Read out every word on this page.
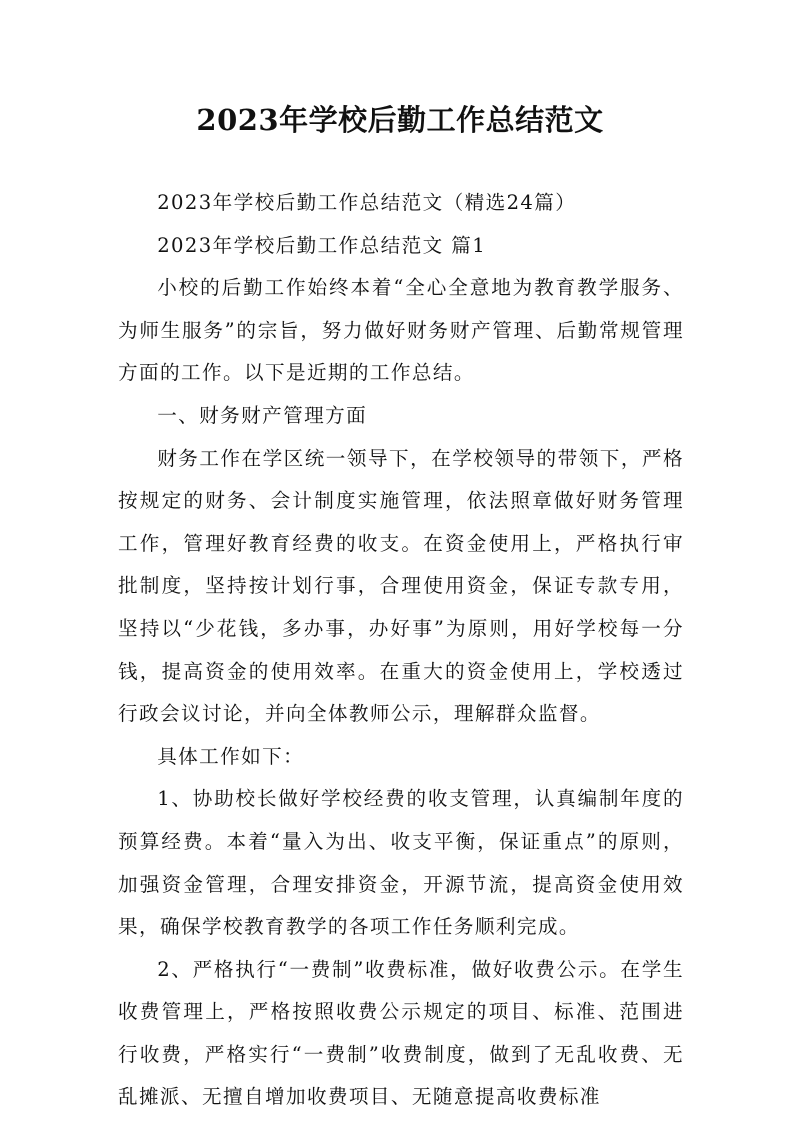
2023年学校后勤工作总结范文

2023年学校后勤工作总结范文（精选24篇）

2023年学校后勤工作总结范文 篇1

小校的后勤工作始终本着“全心全意地为教育教学服务、为师生服务”的宗旨，努力做好财务财产管理、后勤常规管理方面的工作。以下是近期的工作总结。

一、财务财产管理方面

财务工作在学区统一领导下，在学校领导的带领下，严格按规定的财务、会计制度实施管理，依法照章做好财务管理工作，管理好教育经费的收支。在资金使用上，严格执行审批制度，坚持按计划行事，合理使用资金，保证专款专用，坚持以“少花钱，多办事，办好事”为原则，用好学校每一分钱，提高资金的使用效率。在重大的资金使用上，学校透过行政会议讨论，并向全体教师公示，理解群众监督。

具体工作如下：

1、协助校长做好学校经费的收支管理，认真编制年度的预算经费。本着“量入为出、收支平衡，保证重点”的原则，加强资金管理，合理安排资金，开源节流，提高资金使用效果，确保学校教育教学的各项工作任务顺利完成。

2、严格执行“一费制”收费标准，做好收费公示。在学生收费管理上，严格按照收费公示规定的项目、标准、范围进行收费，严格实行“一费制”收费制度，做到了无乱收费、无乱摊派、无擅自增加收费项目、无随意提高收费标准
